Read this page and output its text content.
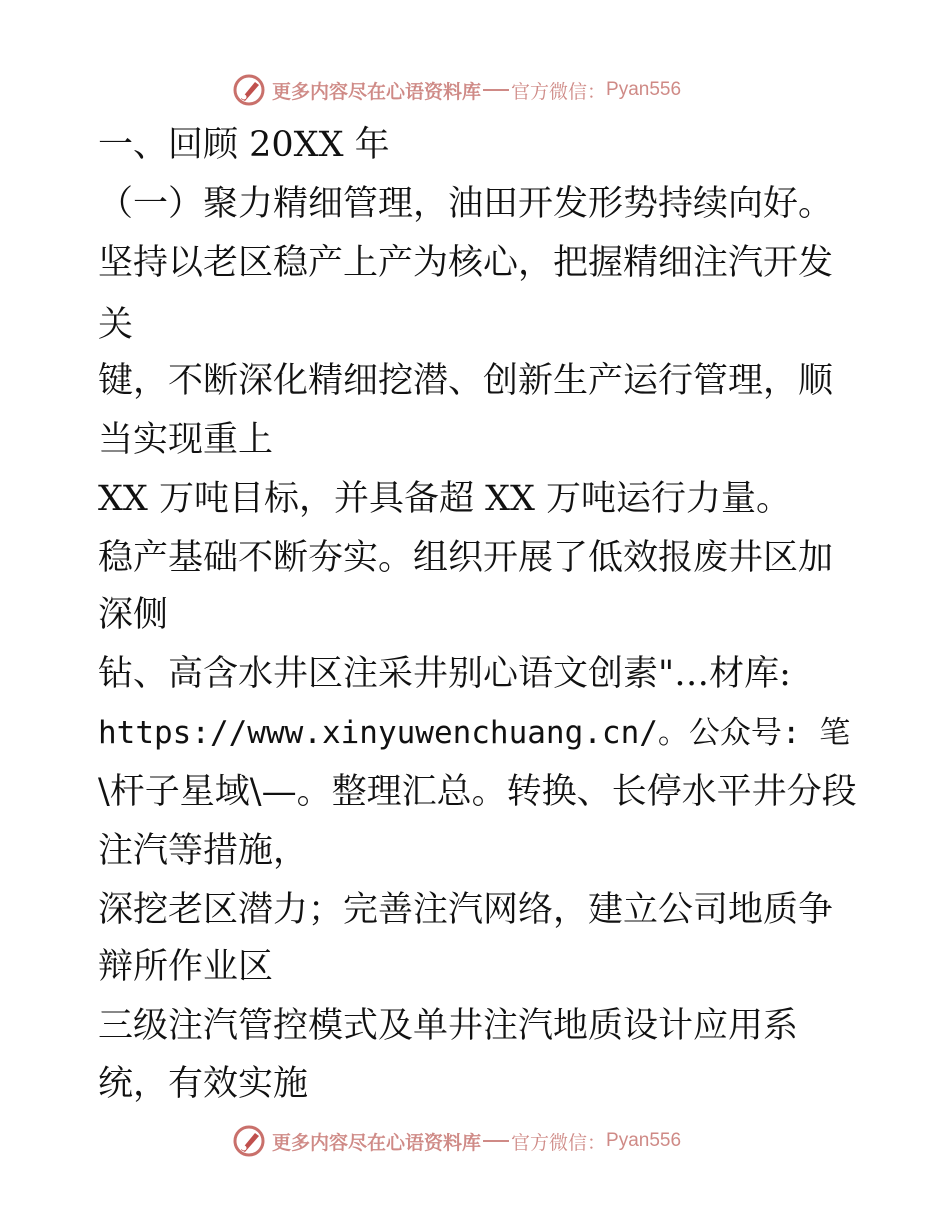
更多内容尽在心语资料库 官方微信： Pyan556
一、回顾 20XX 年
（一）聚力精细管理，油田开发形势持续向好。
坚持以老区稳产上产为核心，把握精细注汽开发
关
键，不断深化精细挖潜、创新生产运行管理，顺
当实现重上
XX 万吨目标，并具备超 XX 万吨运行力量。
稳产基础不断夯实。组织开展了低效报废井区加
深侧
钻、高含水井区注采井别心语文创素"…材库:
https://www.xinyuwenchuang.cn/。公众号: 笔
\杆子星域\—。整理汇总。转换、长停水平井分段
注汽等措施，
深挖老区潜力；完善注汽网络，建立公司地质争
辩所作业区
三级注汽管控模式及单井注汽地质设计应用系
统，有效实施
更多内容尽在心语资料库 官方微信： Pyan556
